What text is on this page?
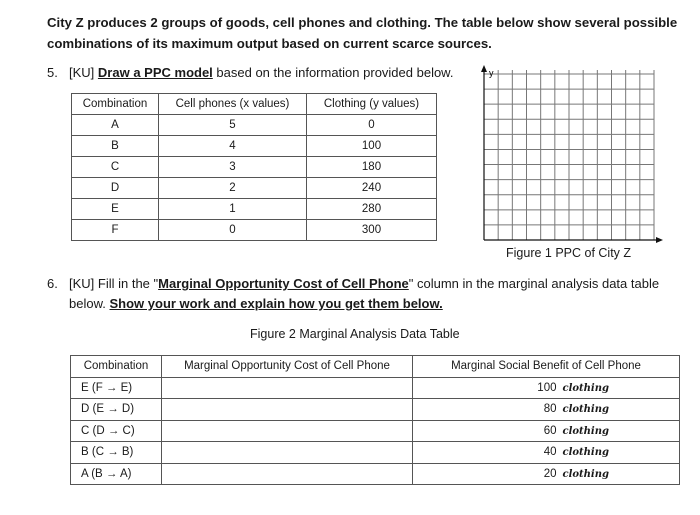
City Z produces 2 groups of goods, cell phones and clothing. The table below show several possible combinations of its maximum output based on current scarce sources.
5. [KU] Draw a PPC model based on the information provided below.
Combination	Cell phones (x values)	Clothing (y values)
A	5	0
B	4	100
C	3	180
D	2	240
E	1	280
F	0	300
y
Figure 1 PPC of City Z
6. [KU] Fill in the "Marginal Opportunity Cost of Cell Phone" column in the marginal analysis data table
below. Show your work and explain how you get them below.
Figure 2 Marginal Analysis Data Table
Combination	Marginal Opportunity Cost of Cell Phone	Marginal Social Benefit of Cell Phone
E (F → E)		100 clothing
D (E → D)		80 clothing
C (D → C)		60 clothing
B (C → B)		40 clothing
A (B → A)		20 clothing
